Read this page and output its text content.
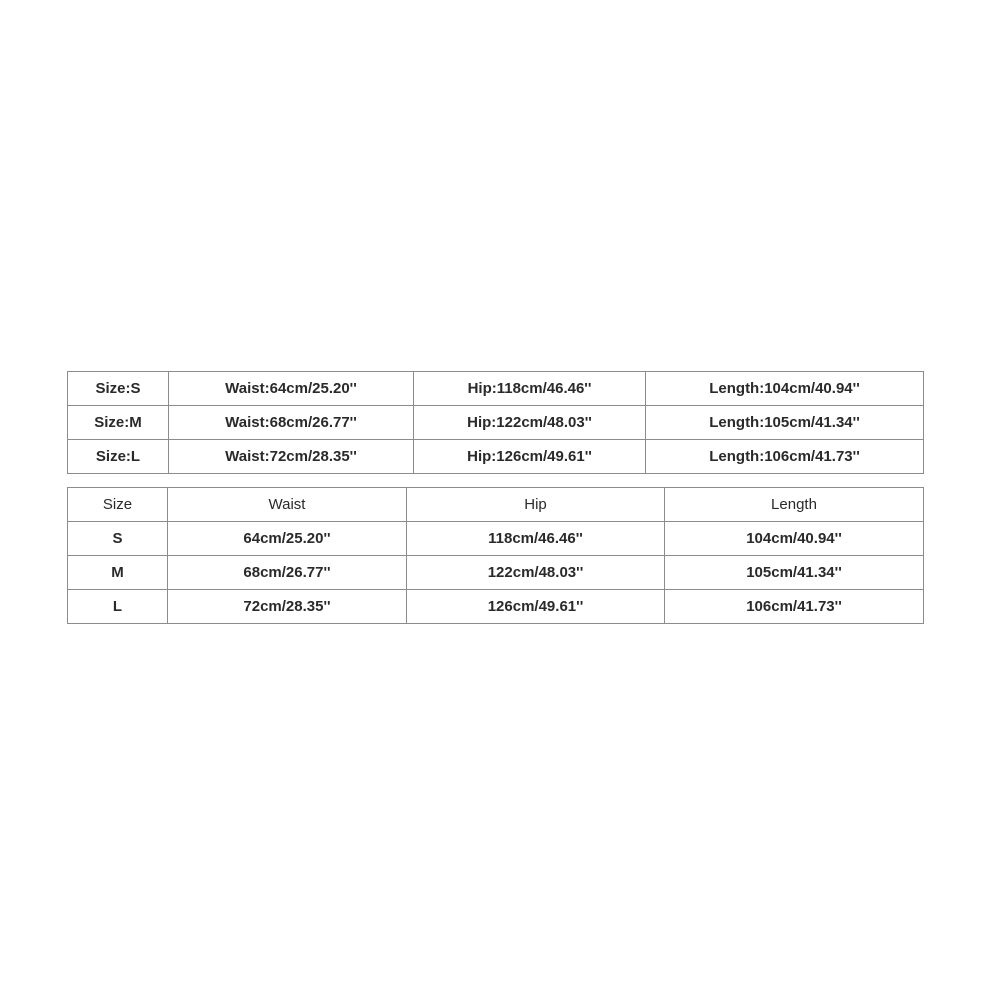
Size:S	Waist:64cm/25.20''	Hip:118cm/46.46''	Length:104cm/40.94''
Size:M	Waist:68cm/26.77''	Hip:122cm/48.03''	Length:105cm/41.34''
Size:L	Waist:72cm/28.35''	Hip:126cm/49.61''	Length:106cm/41.73''
Size	Waist	Hip	Length
S	64cm/25.20''	118cm/46.46''	104cm/40.94''
M	68cm/26.77''	122cm/48.03''	105cm/41.34''
L	72cm/28.35''	126cm/49.61''	106cm/41.73''
